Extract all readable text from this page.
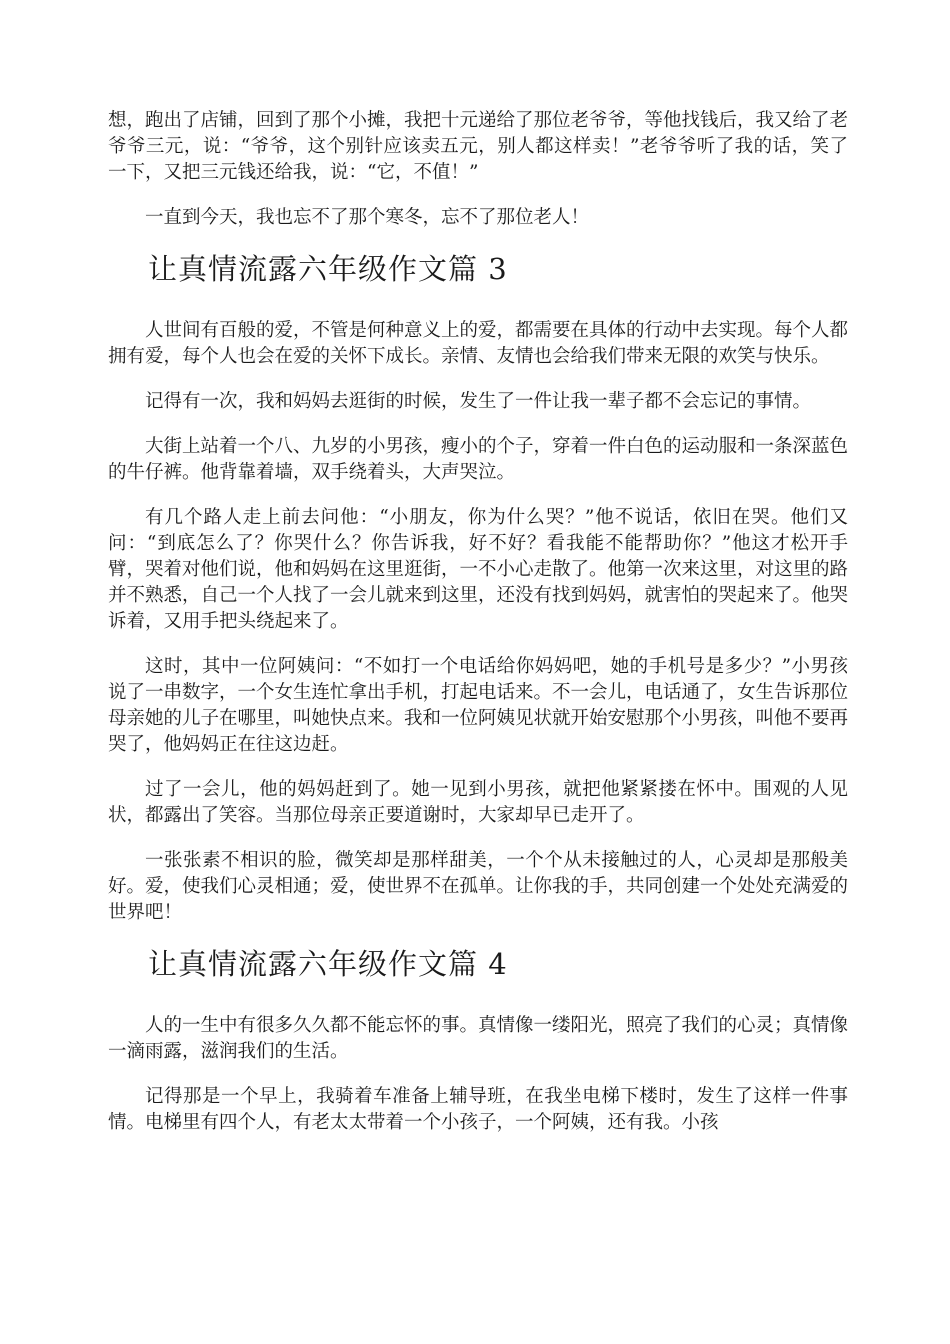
想，跑出了店铺，回到了那个小摊，我把十元递给了那位老爷爷，等他找钱后，我又给了老爷爷三元，说：“爷爷，这个别针应该卖五元，别人都这样卖！”老爷爷听了我的话，笑了一下，又把三元钱还给我，说：“它，不值！”

一直到今天，我也忘不了那个寒冬，忘不了那位老人！

让真情流露六年级作文篇 3

人世间有百般的爱，不管是何种意义上的爱，都需要在具体的行动中去实现。每个人都拥有爱，每个人也会在爱的关怀下成长。亲情、友情也会给我们带来无限的欢笑与快乐。

记得有一次，我和妈妈去逛街的时候，发生了一件让我一辈子都不会忘记的事情。

大街上站着一个八、九岁的小男孩，瘦小的个子，穿着一件白色的运动服和一条深蓝色的牛仔裤。他背靠着墙，双手绕着头，大声哭泣。

有几个路人走上前去问他：“小朋友，你为什么哭？”他不说话，依旧在哭。他们又问：“到底怎么了？你哭什么？你告诉我，好不好？看我能不能帮助你？”他这才松开手臂，哭着对他们说，他和妈妈在这里逛街，一不小心走散了。他第一次来这里，对这里的路并不熟悉，自己一个人找了一会儿就来到这里，还没有找到妈妈，就害怕的哭起来了。他哭诉着，又用手把头绕起来了。

这时，其中一位阿姨问：“不如打一个电话给你妈妈吧，她的手机号是多少？”小男孩说了一串数字，一个女生连忙拿出手机，打起电话来。不一会儿，电话通了，女生告诉那位母亲她的儿子在哪里，叫她快点来。我和一位阿姨见状就开始安慰那个小男孩，叫他不要再哭了，他妈妈正在往这边赶。

过了一会儿，他的妈妈赶到了。她一见到小男孩，就把他紧紧搂在怀中。围观的人见状，都露出了笑容。当那位母亲正要道谢时，大家却早已走开了。

一张张素不相识的脸，微笑却是那样甜美，一个个从未接触过的人，心灵却是那般美好。爱，使我们心灵相通；爱，使世界不在孤单。让你我的手，共同创建一个处处充满爱的世界吧！

让真情流露六年级作文篇 4

人的一生中有很多久久都不能忘怀的事。真情像一缕阳光，照亮了我们的心灵；真情像一滴雨露，滋润我们的生活。

记得那是一个早上，我骑着车准备上辅导班，在我坐电梯下楼时，发生了这样一件事情。电梯里有四个人，有老太太带着一个小孩子，一个阿姨，还有我。小孩
